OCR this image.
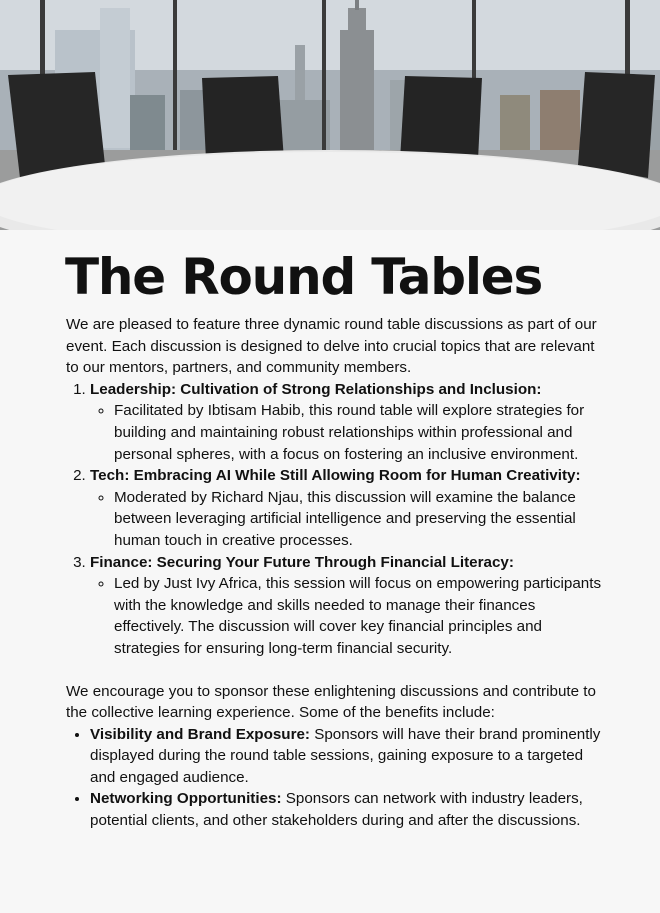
The Round Tables

We are pleased to feature three dynamic round table discussions as part of our event. Each discussion is designed to delve into crucial topics that are relevant to our mentors, partners, and community members.

1. Leadership: Cultivation of Strong Relationships and Inclusion:
◦ Facilitated by Ibtisam Habib, this round table will explore strategies for building and maintaining robust relationships within professional and personal spheres, with a focus on fostering an inclusive environment.
2. Tech: Embracing AI While Still Allowing Room for Human Creativity:
◦ Moderated by Richard Njau, this discussion will examine the balance between leveraging artificial intelligence and preserving the essential human touch in creative processes.
3. Finance: Securing Your Future Through Financial Literacy:
◦ Led by Just Ivy Africa, this session will focus on empowering participants with the knowledge and skills needed to manage their finances effectively. The discussion will cover key financial principles and strategies for ensuring long-term financial security.

We encourage you to sponsor these enlightening discussions and contribute to the collective learning experience. Some of the benefits include:

• Visibility and Brand Exposure: Sponsors will have their brand prominently displayed during the round table sessions, gaining exposure to a targeted and engaged audience.
• Networking Opportunities: Sponsors can network with industry leaders, potential clients, and other stakeholders during and after the discussions.
